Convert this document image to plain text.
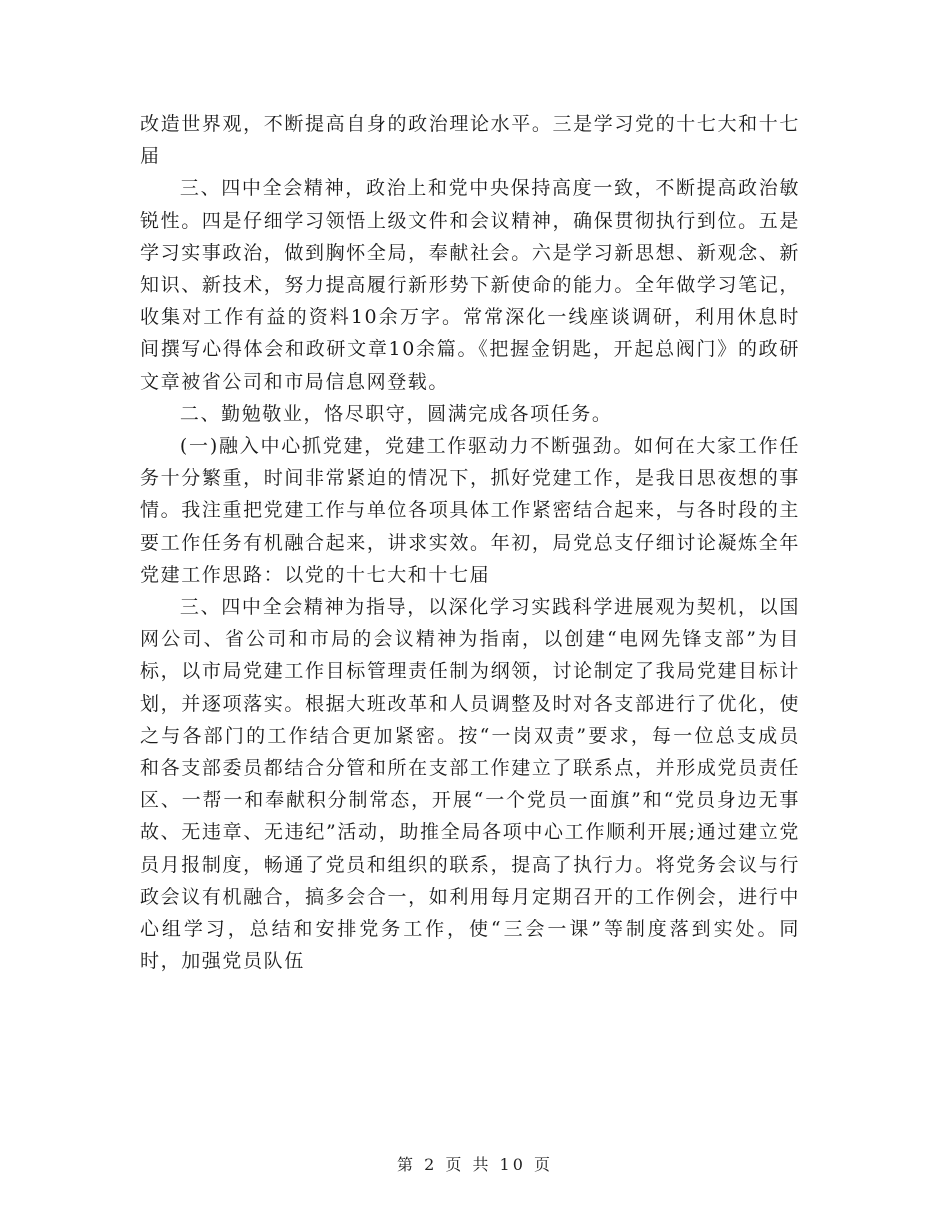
改造世界观，不断提高自身的政治理论水平。三是学习党的十七大和十七届

三、四中全会精神，政治上和党中央保持高度一致，不断提高政治敏锐性。四是仔细学习领悟上级文件和会议精神，确保贯彻执行到位。五是学习实事政治，做到胸怀全局，奉献社会。六是学习新思想、新观念、新知识、新技术，努力提高履行新形势下新使命的能力。全年做学习笔记，收集对工作有益的资料10余万字。常常深化一线座谈调研，利用休息时间撰写心得体会和政研文章10余篇。《把握金钥匙，开起总阀门》的政研文章被省公司和市局信息网登载。

二、勤勉敬业，恪尽职守，圆满完成各项任务。

(一)融入中心抓党建，党建工作驱动力不断强劲。如何在大家工作任务十分繁重，时间非常紧迫的情况下，抓好党建工作，是我日思夜想的事情。我注重把党建工作与单位各项具体工作紧密结合起来，与各时段的主要工作任务有机融合起来，讲求实效。年初，局党总支仔细讨论凝炼全年党建工作思路：以党的十七大和十七届

三、四中全会精神为指导，以深化学习实践科学进展观为契机，以国网公司、省公司和市局的会议精神为指南，以创建“电网先锋支部”为目标，以市局党建工作目标管理责任制为纲领，讨论制定了我局党建目标计划，并逐项落实。根据大班改革和人员调整及时对各支部进行了优化，使之与各部门的工作结合更加紧密。按“一岗双责”要求，每一位总支成员和各支部委员都结合分管和所在支部工作建立了联系点，并形成党员责任区、一帮一和奉献积分制常态，开展“一个党员一面旗”和“党员身边无事故、无违章、无违纪”活动，助推全局各项中心工作顺利开展;通过建立党员月报制度，畅通了党员和组织的联系，提高了执行力。将党务会议与行政会议有机融合，搞多会合一，如利用每月定期召开的工作例会，进行中心组学习，总结和安排党务工作，使“三会一课”等制度落到实处。同时，加强党员队伍

第 2 页 共 10 页
